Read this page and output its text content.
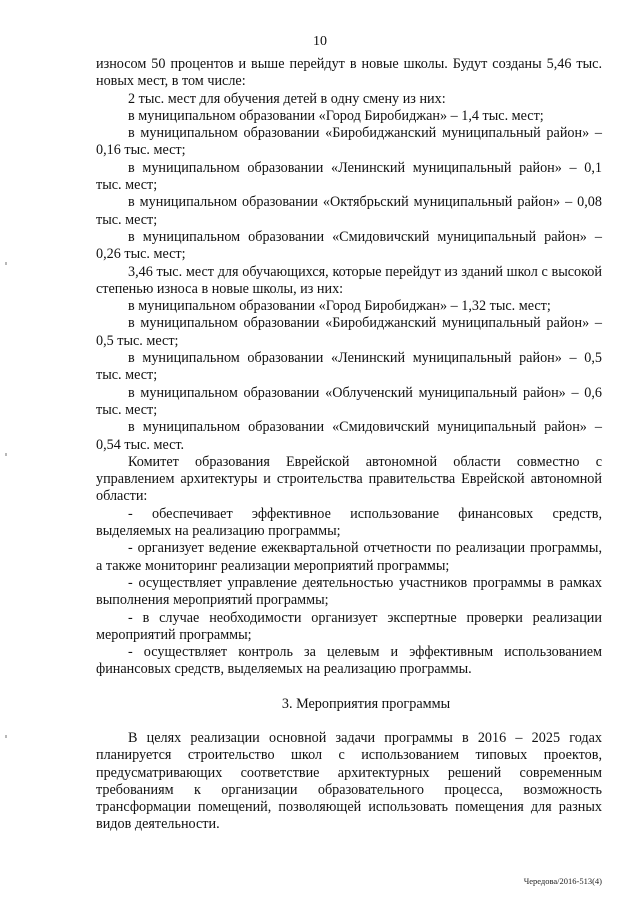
10

износом 50 процентов и выше перейдут в новые школы. Будут созданы 5,46 тыс. новых мест, в том числе:

2 тыс. мест для обучения детей в одну смену из них:

в муниципальном образовании «Город Биробиджан» – 1,4 тыс. мест;

в муниципальном образовании «Биробиджанский муниципальный район» – 0,16 тыс. мест;

в муниципальном образовании «Ленинский муниципальный район» – 0,1 тыс. мест;

в муниципальном образовании «Октябрьский муниципальный район» – 0,08 тыс. мест;

в муниципальном образовании «Смидовичский муниципальный район» – 0,26 тыс. мест;

3,46 тыс. мест для обучающихся, которые перейдут из зданий школ с высокой степенью износа в новые школы, из них:

в муниципальном образовании «Город Биробиджан» – 1,32 тыс. мест;

в муниципальном образовании «Биробиджанский муниципальный район» – 0,5 тыс. мест;

в муниципальном образовании «Ленинский муниципальный район» – 0,5 тыс. мест;

в муниципальном образовании «Облученский муниципальный район» – 0,6 тыс. мест;

в муниципальном образовании «Смидовичский муниципальный район» – 0,54 тыс. мест.

Комитет образования Еврейской автономной области совместно с управлением архитектуры и строительства правительства Еврейской автономной области:

- обеспечивает эффективное использование финансовых средств, выделяемых на реализацию программы;

- организует ведение ежеквартальной отчетности по реализации программы, а также мониторинг реализации мероприятий программы;

- осуществляет управление деятельностью участников программы в рамках выполнения мероприятий программы;

- в случае необходимости организует экспертные проверки реализации мероприятий программы;

- осуществляет контроль за целевым и эффективным использованием финансовых средств, выделяемых на реализацию программы.

3. Мероприятия программы

В целях реализации основной задачи программы в 2016 – 2025 годах планируется строительство школ с использованием типовых проектов, предусматривающих соответствие архитектурных решений современным требованиям к организации образовательного процесса, возможность трансформации помещений, позволяющей использовать помещения для разных видов деятельности.

Чередова/2016-513(4)
